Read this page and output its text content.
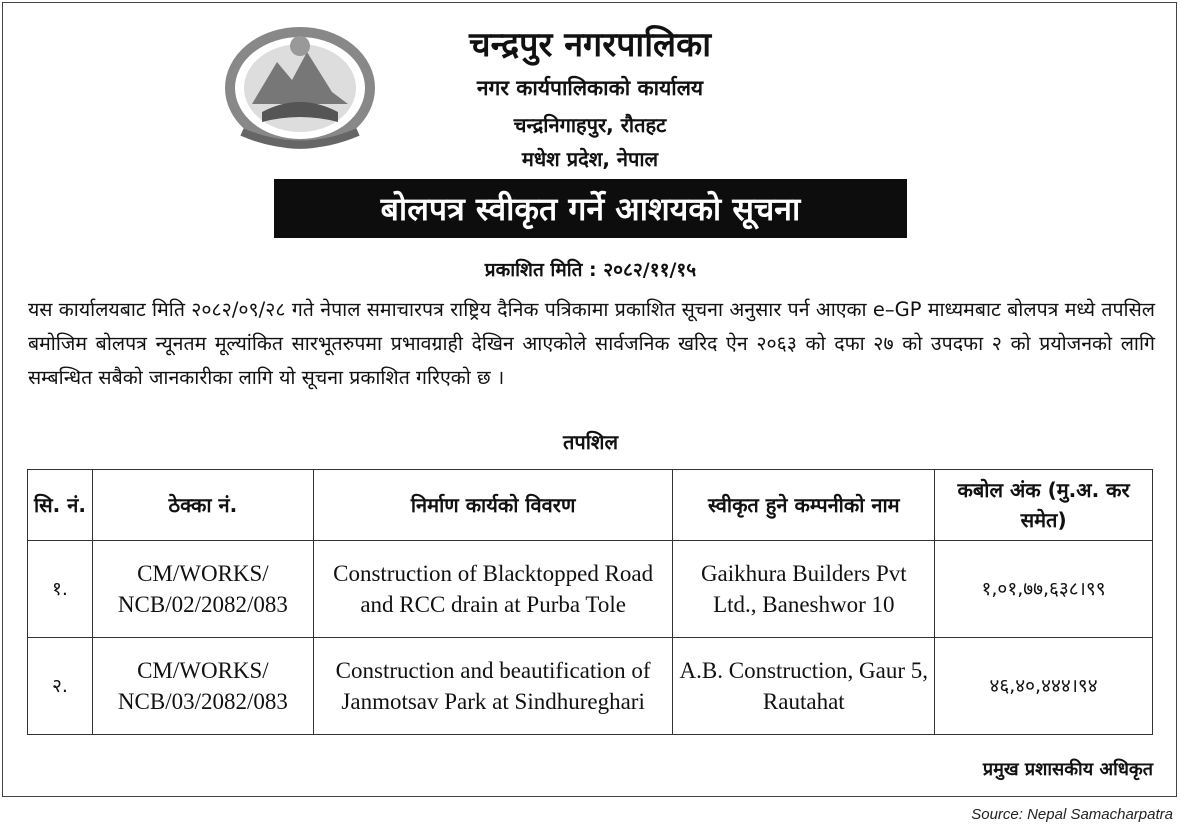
चन्द्रपुर नगरपालिका
नगर कार्यपालिकाको कार्यालय
चन्द्रनिगाहपुर, रौतहट
मधेश प्रदेश, नेपाल
बोलपत्र स्वीकृत गर्ने आशयको सूचना
प्रकाशित मिति : २०८२/११/१५
यस कार्यालयबाट मिति २०८२/०९/२८ गते नेपाल समाचारपत्र राष्ट्रिय दैनिक पत्रिकामा प्रकाशित सूचना अनुसार पर्न आएका e–GP माध्यमबाट बोलपत्र मध्ये तपसिल बमोजिम बोलपत्र न्यूनतम मूल्यांकित सारभूतरुपमा प्रभावग्राही देखिन आएकोले सार्वजनिक खरिद ऐन २०६३ को दफा २७ को उपदफा २ को प्रयोजनको लागि सम्बन्धित सबैको जानकारीका लागि यो सूचना प्रकाशित गरिएको छ ।
तपशिल
सि. नं.	ठेक्का नं.	निर्माण कार्यको विवरण	स्वीकृत हुने कम्पनीको नाम	कबोल अंक (मु.अ. कर समेत)
१.	CM/WORKS/ NCB/02/2082/083	Construction of Blacktopped Road and RCC drain at Purba Tole	Gaikhura Builders Pvt Ltd., Baneshwor 10	१,०१,७७,६३८।९९
२.	CM/WORKS/ NCB/03/2082/083	Construction and beautification of Janmotsav Park at Sindhureghari	A.B. Construction, Gaur 5, Rautahat	४६,४०,४४४।९४
प्रमुख प्रशासकीय अधिकृत
Source: Nepal Samacharpatra
